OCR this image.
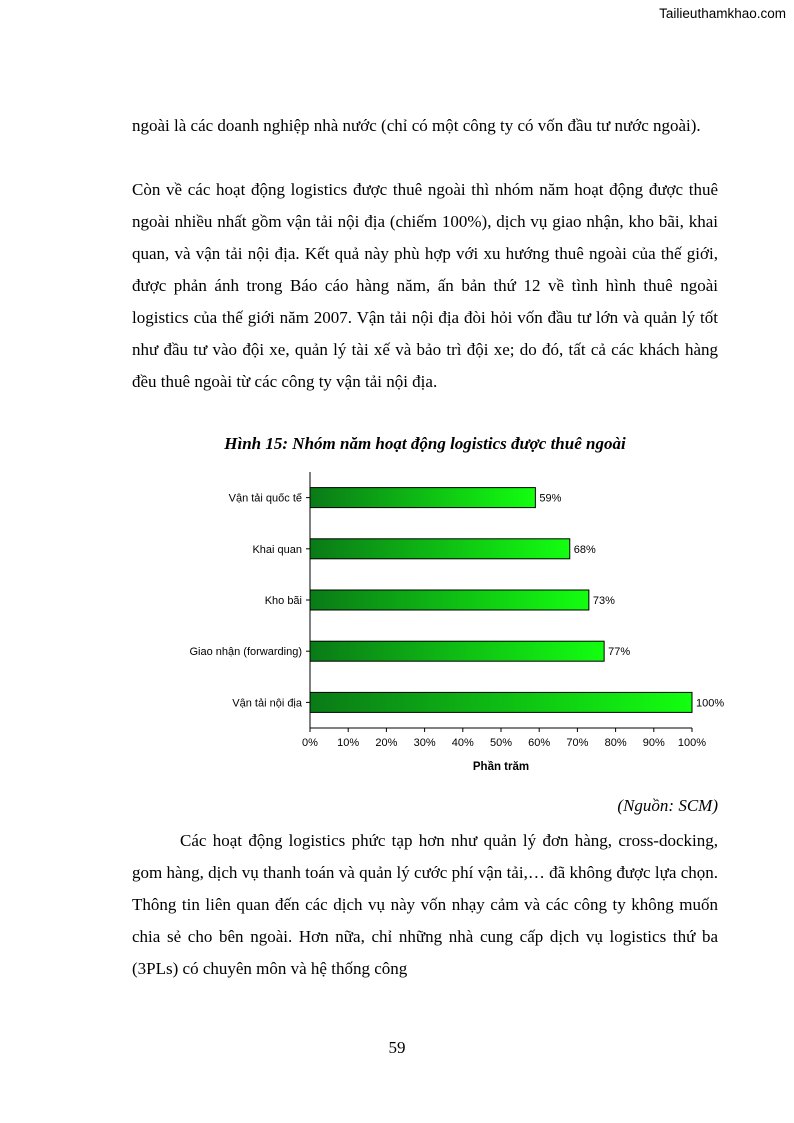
Tailieuthamkhao.com

ngoài là các doanh nghiệp nhà nước (chỉ có một công ty có vốn đầu tư nước ngoài).

Còn về các hoạt động logistics được thuê ngoài thì nhóm năm hoạt động được thuê ngoài nhiều nhất gồm vận tải nội địa (chiếm 100%), dịch vụ giao nhận, kho bãi, khai quan, và vận tải nội địa. Kết quả này phù hợp với xu hướng thuê ngoài của thế giới, được phản ánh trong Báo cáo hàng năm, ấn bản thứ 12 về tình hình thuê ngoài logistics của thế giới năm 2007. Vận tải nội địa đòi hỏi vốn đầu tư lớn và quản lý tốt như đầu tư vào đội xe, quản lý tài xế và bảo trì đội xe; do đó, tất cả các khách hàng đều thuê ngoài từ các công ty vận tải nội địa.

Hình 15: Nhóm năm hoạt động logistics được thuê ngoài
0% 10% 20% 30% 40% 50% 60% 70% 80% 90% 100%
Phần trăm
Vận tải quốc tế	59%
Khai quan	68%
Kho bãi	73%
Giao nhận (forwarding)	77%
Vận tải nội địa	100%
(Nguồn: SCM)

Các hoạt động logistics phức tạp hơn như quản lý đơn hàng, cross-docking, gom hàng, dịch vụ thanh toán và quản lý cước phí vận tải,… đã không được lựa chọn. Thông tin liên quan đến các dịch vụ này vốn nhạy cảm và các công ty không muốn chia sẻ cho bên ngoài. Hơn nữa, chỉ những nhà cung cấp dịch vụ logistics thứ ba (3PLs) có chuyên môn và hệ thống công

59
